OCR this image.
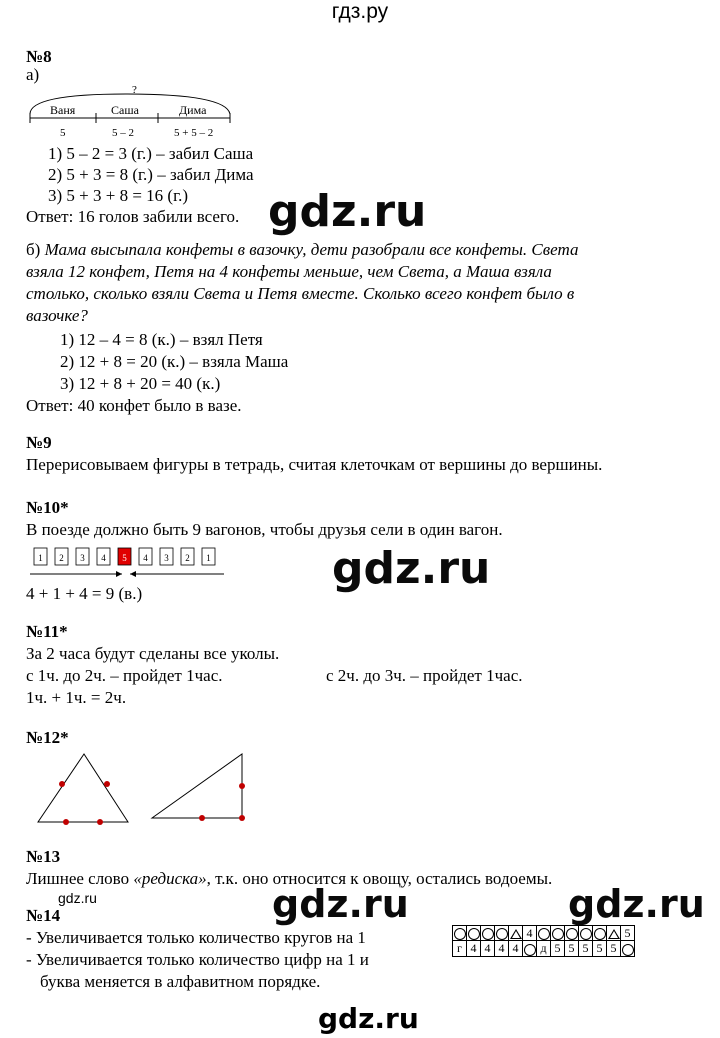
гдз.ру
№8
а)
?
Ваня	Саша	Дима
5	5 – 2	5 + 5 – 2
1) 5 – 2 = 3 (г.) – забил Саша
2) 5 + 3 = 8 (г.) – забил Дима
3) 5 + 3 + 8 = 16 (г.)
Ответ: 16 голов забили всего. gdz.ru
б) Мама высыпала конфеты в вазочку, дети разобрали все конфеты. Света
взяла 12 конфет, Петя на 4 конфеты меньше, чем Света, а Маша взяла
столько, сколько взяли Света и Петя вместе. Сколько всего конфет было в
вазочке?
1) 12 – 4 = 8 (к.) – взял Петя
2) 12 + 8 = 20 (к.) – взяла Маша
3) 12 + 8 + 20 = 40 (к.)
Ответ: 40 конфет было в вазе.
№9
Перерисовываем фигуры в тетрадь, считая клеточкам от вершины до вершины.
№10*
В поезде должно быть 9 вагонов, чтобы друзья сели в один вагон.
1 2 3 4 5 4 3 2 1
4 + 1 + 4 = 9 (в.)	gdz.ru
№11*
За 2 часа будут сделаны все уколы.
с 1ч. до 2ч. – пройдет 1час.	с 2ч. до 3ч. – пройдет 1час.
1ч. + 1ч. = 2ч.
№12*
№13
Лишнее слово «редиска», т.к. оно относится к овощу, остались водоемы.
gdz.ru	gdz.ru	gdz.ru
№14
- Увеличивается только количество кругов на 1
- Увеличивается только количество цифр на 1 и
буква меняется в алфавитном порядке.
					4							5
г	4	4	4	4		д	5	5	5	5	5	
gdz.ru
